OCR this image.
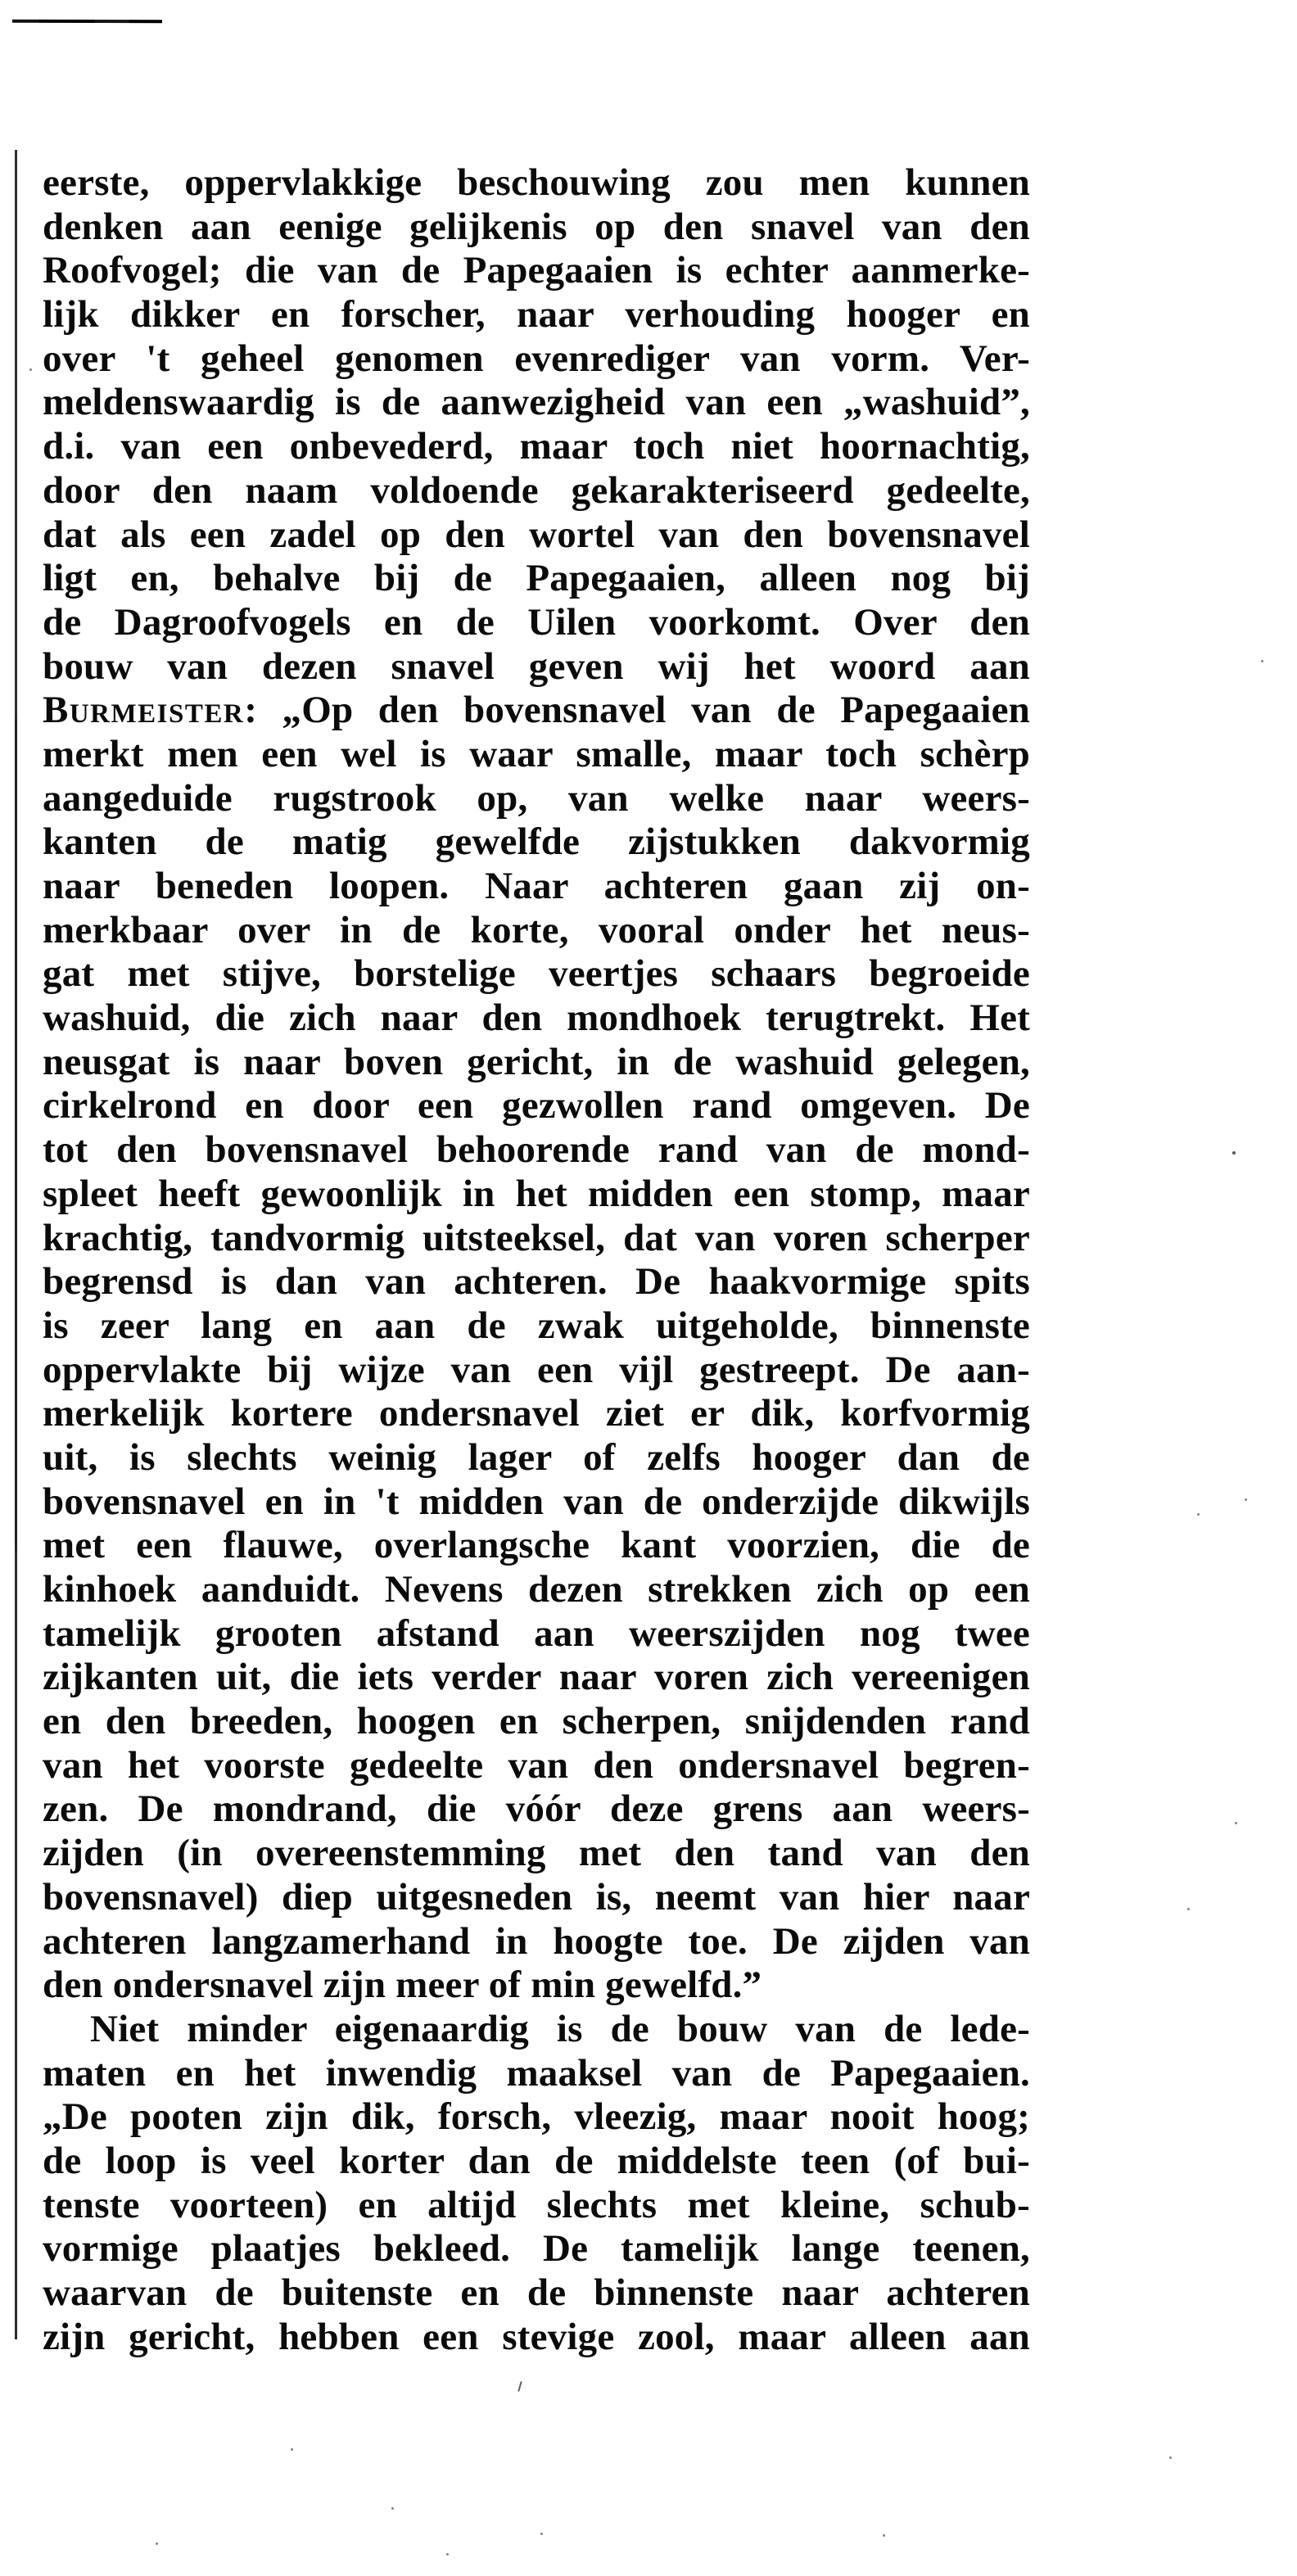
eerste, oppervlakkige beschouwing zou men kunnen
denken aan eenige gelijkenis op den snavel van den
Roofvogel; die van de Papegaaien is echter aanmerke-
lijk dikker en forscher, naar verhouding hooger en
over 't geheel genomen evenrediger van vorm. Ver-
meldenswaardig is de aanwezigheid van een „washuid”,
d.i. van een onbevederd, maar toch niet hoornachtig,
door den naam voldoende gekarakteriseerd gedeelte,
dat als een zadel op den wortel van den bovensnavel
ligt en, behalve bij de Papegaaien, alleen nog bij
de Dagroofvogels en de Uilen voorkomt. Over den
bouw van dezen snavel geven wij het woord aan
Burmeister: „Op den bovensnavel van de Papegaaien
merkt men een wel is waar smalle, maar toch schèrp
aangeduide rugstrook op, van welke naar weers-
kanten de matig gewelfde zijstukken dakvormig
naar beneden loopen. Naar achteren gaan zij on-
merkbaar over in de korte, vooral onder het neus-
gat met stijve, borstelige veertjes schaars begroeide
washuid, die zich naar den mondhoek terugtrekt. Het
neusgat is naar boven gericht, in de washuid gelegen,
cirkelrond en door een gezwollen rand omgeven. De
tot den bovensnavel behoorende rand van de mond-
spleet heeft gewoonlijk in het midden een stomp, maar
krachtig, tandvormig uitsteeksel, dat van voren scherper
begrensd is dan van achteren. De haakvormige spits
is zeer lang en aan de zwak uitgeholde, binnenste
oppervlakte bij wijze van een vijl gestreept. De aan-
merkelijk kortere ondersnavel ziet er dik, korfvormig
uit, is slechts weinig lager of zelfs hooger dan de
bovensnavel en in 't midden van de onderzijde dikwijls
met een flauwe, overlangsche kant voorzien, die de
kinhoek aanduidt. Nevens dezen strekken zich op een
tamelijk grooten afstand aan weerszijden nog twee
zijkanten uit, die iets verder naar voren zich vereenigen
en den breeden, hoogen en scherpen, snijdenden rand
van het voorste gedeelte van den ondersnavel begren-
zen. De mondrand, die vóór deze grens aan weers-
zijden (in overeenstemming met den tand van den
bovensnavel) diep uitgesneden is, neemt van hier naar
achteren langzamerhand in hoogte toe. De zijden van
den ondersnavel zijn meer of min gewelfd.”
Niet minder eigenaardig is de bouw van de lede-
maten en het inwendig maaksel van de Papegaaien.
„De pooten zijn dik, forsch, vleezig, maar nooit hoog;
de loop is veel korter dan de middelste teen (of bui-
tenste voorteen) en altijd slechts met kleine, schub-
vormige plaatjes bekleed. De tamelijk lange teenen,
waarvan de buitenste en de binnenste naar achteren
zijn gericht, hebben een stevige zool, maar alleen aan
